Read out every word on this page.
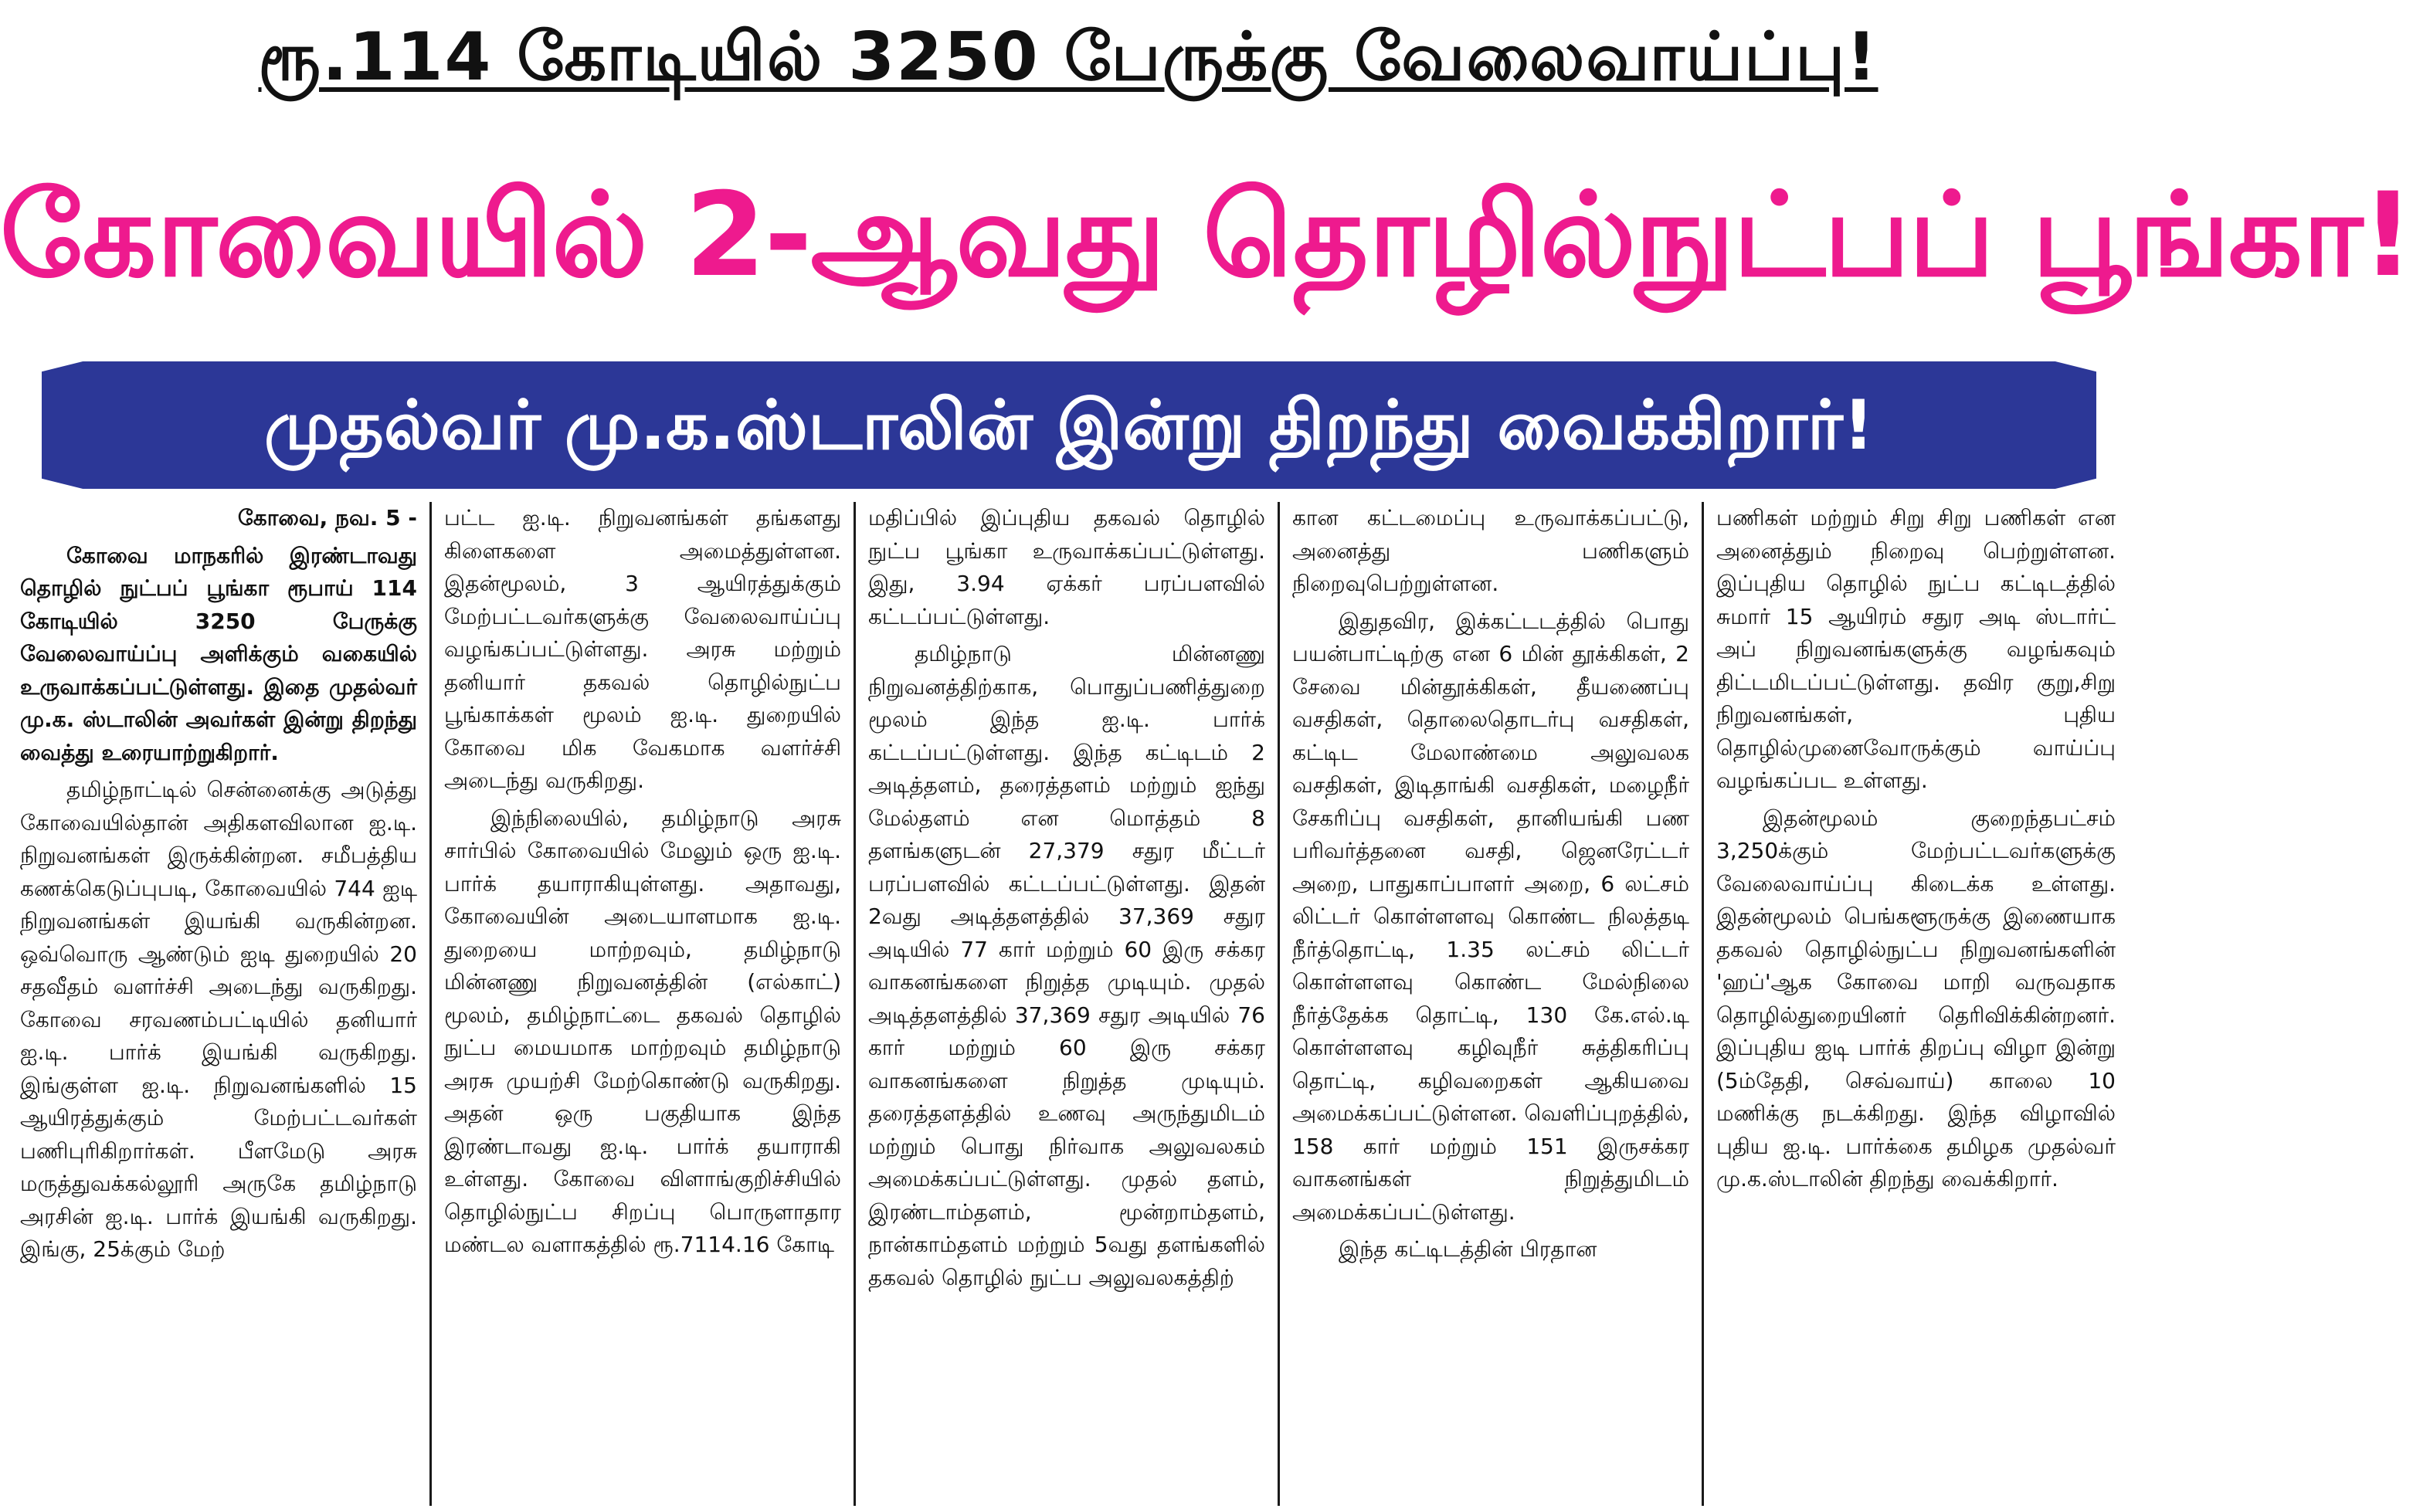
ரூ.114 கோடியில் 3250 பேருக்கு வேலைவாய்ப்பு!
கோவையில் 2-ஆவது தொழில்நுட்பப் பூங்கா!
முதல்வர் மு.க.ஸ்டாலின் இன்று திறந்து வைக்கிறார்!

கோவை, நவ. 5 -

கோவை மாநகரில் இரண்டாவது தொழில் நுட்பப் பூங்கா ரூபாய் 114 கோடியில் 3250 பேருக்கு வேலைவாய்ப்பு அளிக்கும் வகையில் உருவாக்கப்பட்டுள்ளது. இதை முதல்வர் மு.க. ஸ்டாலின் அவர்கள் இன்று திறந்து வைத்து உரையாற்றுகிறார்.

தமிழ்நாட்டில் சென்னைக்கு அடுத்து கோவையில்தான் அதிகளவிலான ஐ.டி. நிறுவனங்கள் இருக்கின்றன. சமீபத்திய கணக்கெடுப்புபடி, கோவையில் 744 ஐடி நிறுவனங்கள் இயங்கி வருகின்றன. ஒவ்வொரு ஆண்டும் ஐடி துறையில் 20 சதவீதம் வளர்ச்சி அடைந்து வருகிறது. கோவை சரவணம்பட்டியில் தனியார் ஐ.டி. பார்க் இயங்கி வருகிறது. இங்குள்ள ஐ.டி. நிறுவனங்களில் 15 ஆயிரத்துக்கும் மேற்பட்டவர்கள் பணிபுரிகிறார்கள். பீளமேடு அரசு மருத்துவக்கல்லூரி அருகே தமிழ்நாடு அரசின் ஐ.டி. பார்க் இயங்கி வருகிறது. இங்கு, 25க்கும் மேற்

பட்ட ஐ.டி. நிறுவனங்கள் தங்களது கிளைகளை அமைத்துள்ளன. இதன்மூலம், 3 ஆயிரத்துக்கும் மேற்பட்டவர்களுக்கு வேலைவாய்ப்பு வழங்கப்பட்டுள்ளது. அரசு மற்றும் தனியார் தகவல் தொழில்நுட்ப பூங்காக்கள் மூலம் ஐ.டி. துறையில் கோவை மிக வேகமாக வளர்ச்சி அடைந்து வருகிறது.

இந்நிலையில், தமிழ்நாடு அரசு சார்பில் கோவையில் மேலும் ஒரு ஐ.டி. பார்க் தயாராகியுள்ளது. அதாவது, கோவையின் அடையாளமாக ஐ.டி. துறையை மாற்றவும், தமிழ்நாடு மின்னணு நிறுவனத்தின் (எல்காட்) மூலம், தமிழ்நாட்டை தகவல் தொழில் நுட்ப மையமாக மாற்றவும் தமிழ்நாடு அரசு முயற்சி மேற்கொண்டு வருகிறது. அதன் ஒரு பகுதியாக இந்த இரண்டாவது ஐ.டி. பார்க் தயாராகி உள்ளது. கோவை விளாங்குறிச்சியில் தொழில்நுட்ப சிறப்பு பொருளாதார மண்டல வளாகத்தில் ரூ.7114.16 கோடி

மதிப்பில் இப்புதிய தகவல் தொழில் நுட்ப பூங்கா உருவாக்கப்பட்டுள்ளது. இது, 3.94 ஏக்கர் பரப்பளவில் கட்டப்பட்டுள்ளது.

தமிழ்நாடு மின்னணு நிறுவனத்திற்காக, பொதுப்பணித்துறை மூலம் இந்த ஐ.டி. பார்க் கட்டப்பட்டுள்ளது. இந்த கட்டிடம் 2 அடித்தளம், தரைத்தளம் மற்றும் ஐந்து மேல்தளம் என மொத்தம் 8 தளங்களுடன் 27,379 சதுர மீட்டர் பரப்பளவில் கட்டப்பட்டுள்ளது. இதன் 2வது அடித்தளத்தில் 37,369 சதுர அடியில் 77 கார் மற்றும் 60 இரு சக்கர வாகனங்களை நிறுத்த முடியும். முதல் அடித்தளத்தில் 37,369 சதுர அடியில் 76 கார் மற்றும் 60 இரு சக்கர வாகனங்களை நிறுத்த முடியும். தரைத்தளத்தில் உணவு அருந்துமிடம் மற்றும் பொது நிர்வாக அலுவலகம் அமைக்கப்பட்டுள்ளது. முதல் தளம், இரண்டாம்தளம், மூன்றாம்தளம், நான்காம்தளம் மற்றும் 5வது தளங்களில் தகவல் தொழில் நுட்ப அலுவலகத்திற்

கான கட்டமைப்பு உருவாக்கப்பட்டு, அனைத்து பணிகளும் நிறைவுபெற்றுள்ளன.

இதுதவிர, இக்கட்டடத்தில் பொது பயன்பாட்டிற்கு என 6 மின் தூக்கிகள், 2 சேவை மின்தூக்கிகள், தீயணைப்பு வசதிகள், தொலைதொடர்பு வசதிகள், கட்டிட மேலாண்மை அலுவலக வசதிகள், இடிதாங்கி வசதிகள், மழைநீர் சேகரிப்பு வசதிகள், தானியங்கி பண பரிவர்த்தனை வசதி, ஜெனரேட்டர் அறை, பாதுகாப்பாளர் அறை, 6 லட்சம் லிட்டர் கொள்ளளவு கொண்ட நிலத்தடி நீர்த்தொட்டி, 1.35 லட்சம் லிட்டர் கொள்ளளவு கொண்ட மேல்நிலை நீர்த்தேக்க தொட்டி, 130 கே.எல்.டி கொள்ளளவு கழிவுநீர் சுத்திகரிப்பு தொட்டி, கழிவறைகள் ஆகியவை அமைக்கப்பட்டுள்ளன. வெளிப்புறத்தில், 158 கார் மற்றும் 151 இருசக்கர வாகனங்கள் நிறுத்துமிடம் அமைக்கப்பட்டுள்ளது.

இந்த கட்டிடத்தின் பிரதான

பணிகள் மற்றும் சிறு சிறு பணிகள் என அனைத்தும் நிறைவு பெற்றுள்ளன. இப்புதிய தொழில் நுட்ப கட்டிடத்தில் சுமார் 15 ஆயிரம் சதுர அடி ஸ்டார்ட் அப் நிறுவனங்களுக்கு வழங்கவும் திட்டமிடப்பட்டுள்ளது. தவிர குறு,சிறு நிறுவனங்கள், புதிய தொழில்முனைவோருக்கும் வாய்ப்பு வழங்கப்பட உள்ளது.

இதன்மூலம் குறைந்தபட்சம் 3,250க்கும் மேற்பட்டவர்களுக்கு வேலைவாய்ப்பு கிடைக்க உள்ளது. இதன்மூலம் பெங்களூருக்கு இணையாக தகவல் தொழில்நுட்ப நிறுவனங்களின் 'ஹப்'ஆக கோவை மாறி வருவதாக தொழில்துறையினர் தெரிவிக்கின்றனர். இப்புதிய ஐடி பார்க் திறப்பு விழா இன்று (5ம்தேதி, செவ்வாய்) காலை 10 மணிக்கு நடக்கிறது. இந்த விழாவில் புதிய ஐ.டி. பார்க்கை தமிழக முதல்வர் மு.க.ஸ்டாலின் திறந்து வைக்கிறார்.
